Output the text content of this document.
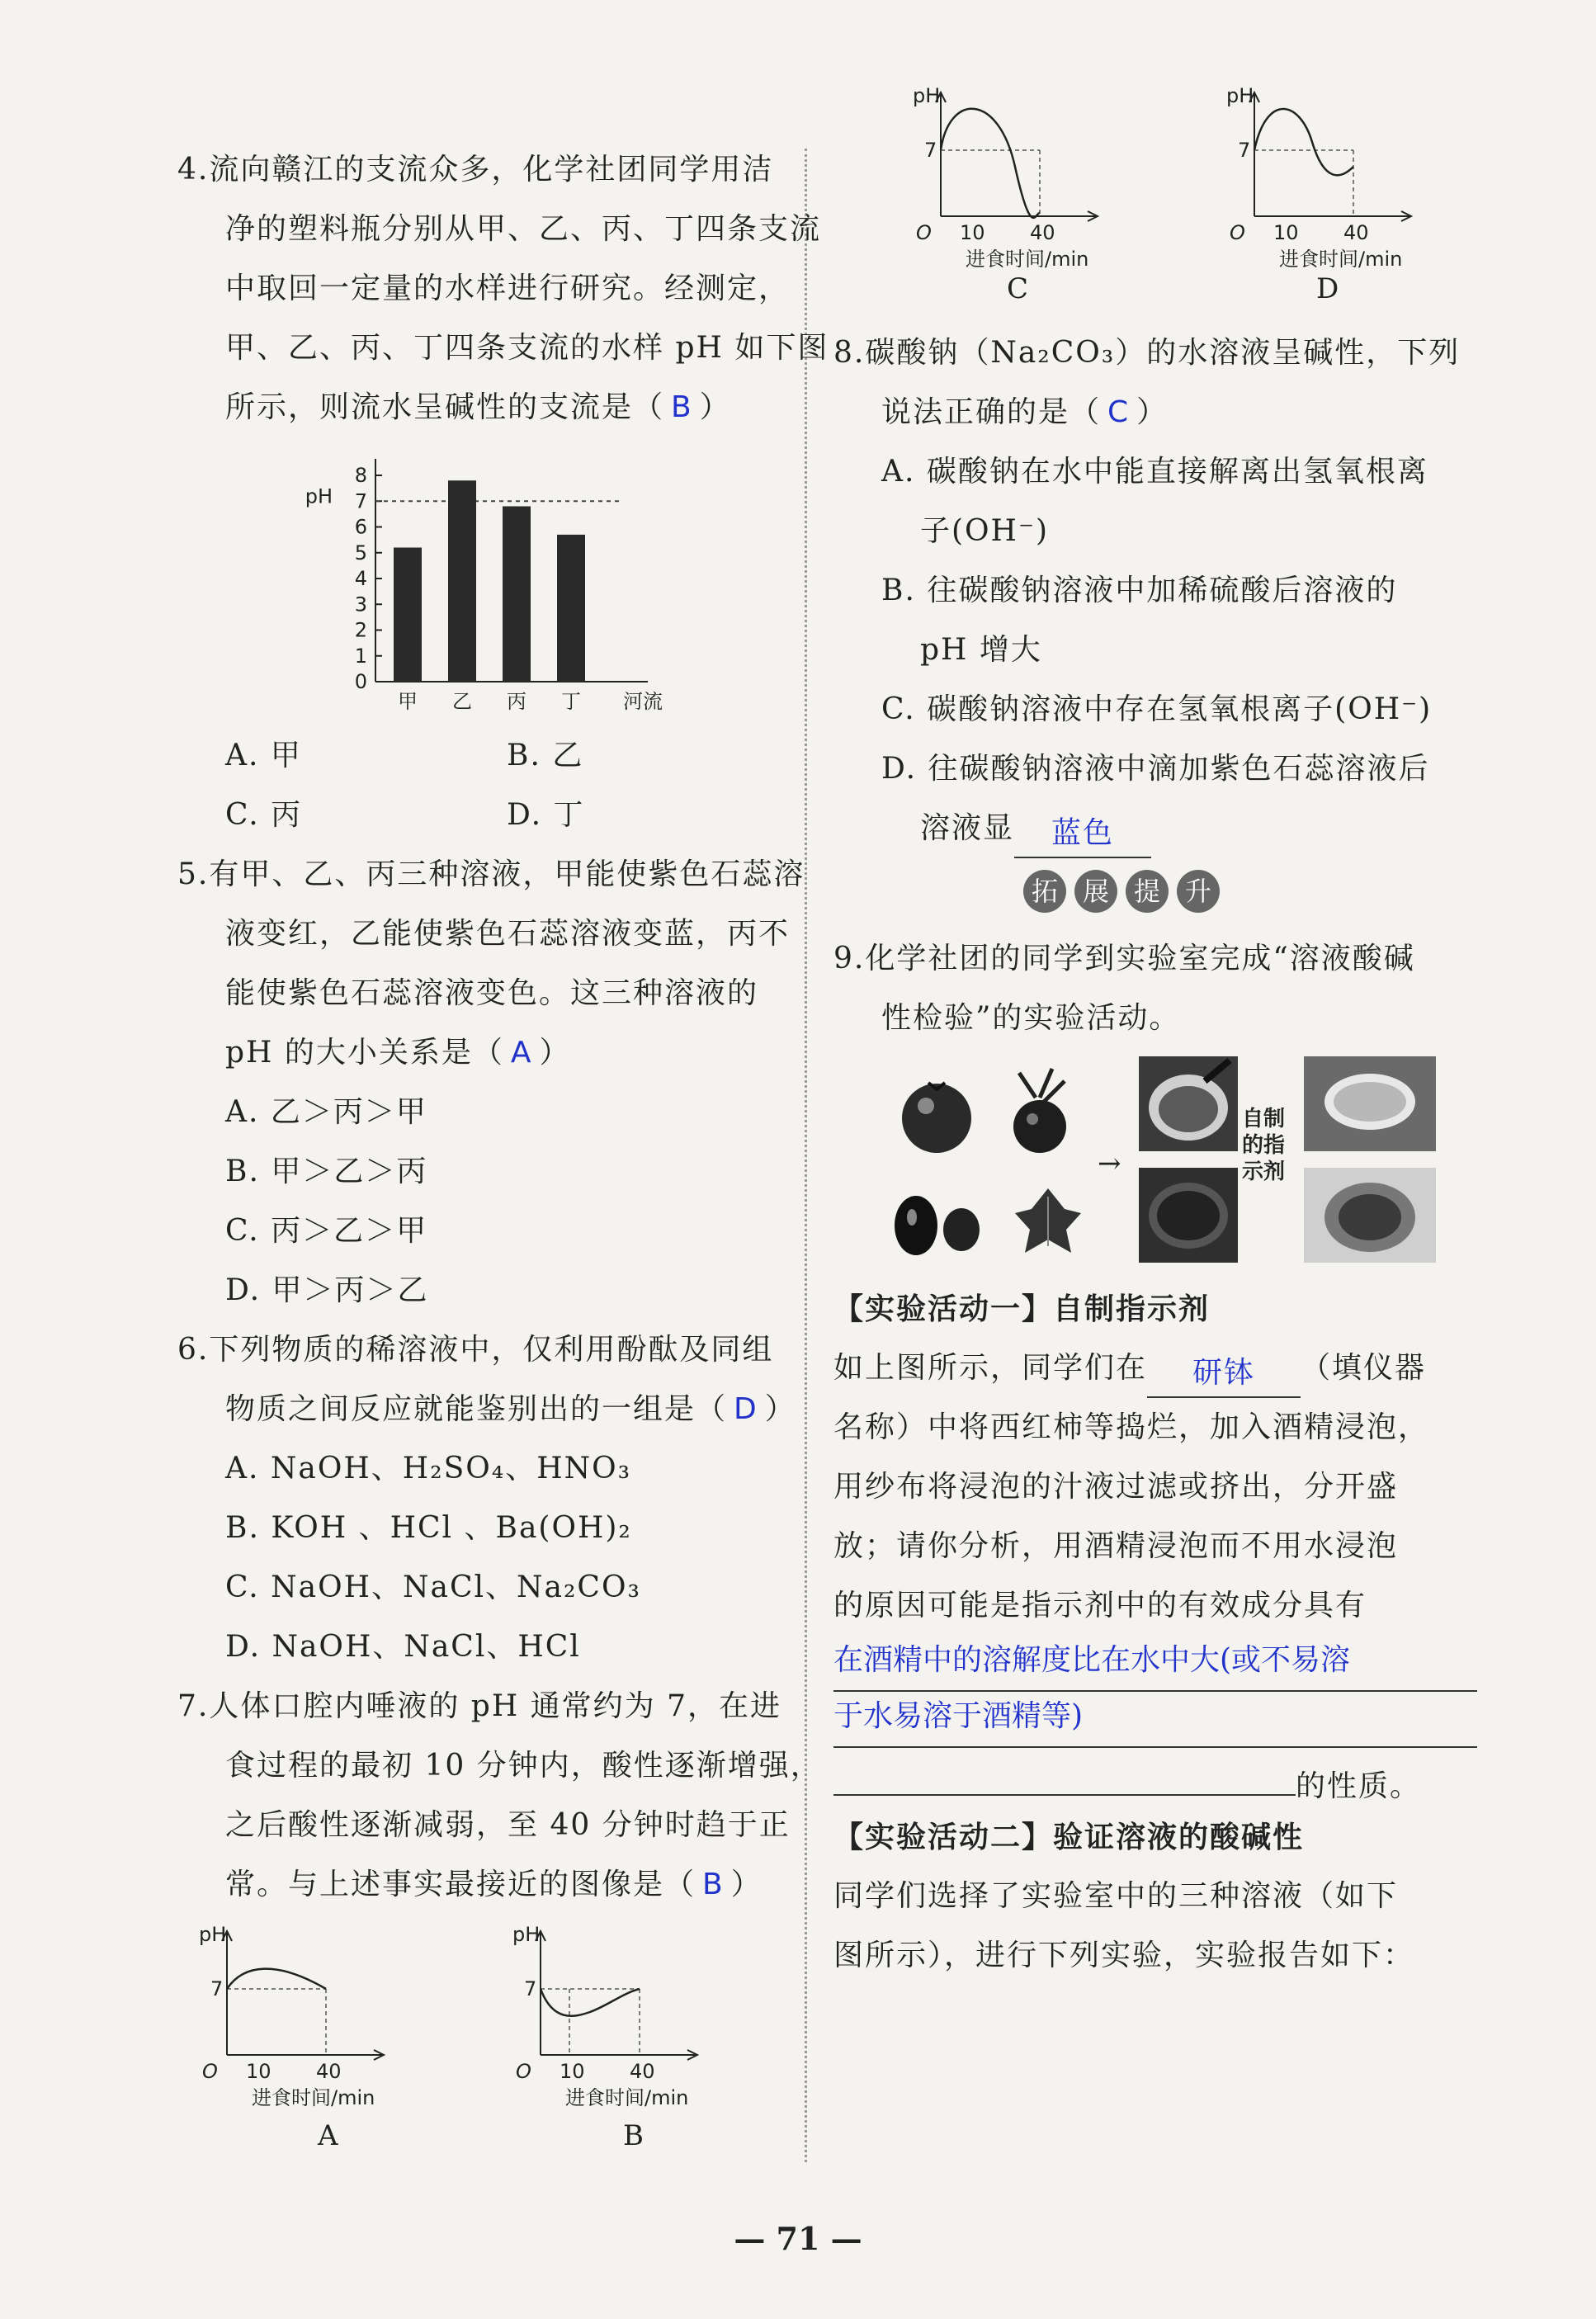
4.流向赣江的支流众多，化学社团同学用洁
净的塑料瓶分别从甲、乙、丙、丁四条支流
中取回一定量的水样进行研究。经测定，
甲、乙、丙、丁四条支流的水样 pH 如下图
所示，则流水呈碱性的支流是（ B ）
0
1
2
3
4
5
6
7
8
pH
甲 乙 丙 丁 河流
A. 甲	B. 乙
C. 丙	D. 丁
5.有甲、乙、丙三种溶液，甲能使紫色石蕊溶
液变红，乙能使紫色石蕊溶液变蓝，丙不
能使紫色石蕊溶液变色。这三种溶液的
pH 的大小关系是（ A ）
A. 乙＞丙＞甲
B. 甲＞乙＞丙
C. 丙＞乙＞甲
D. 甲＞丙＞乙
6.下列物质的稀溶液中，仅利用酚酞及同组
物质之间反应就能鉴别出的一组是（ D ）
A. NaOH、H₂SO₄、HNO₃
B. KOH 、HCl 、Ba(OH)₂
C. NaOH、NaCl、Na₂CO₃
D. NaOH、NaCl、HCl
7.人体口腔内唾液的 pH 通常约为 7，在进
食过程的最初 10 分钟内，酸性逐渐增强，
之后酸性逐渐减弱，至 40 分钟时趋于正
常。与上述事实最接近的图像是（ B ）
pH
7
O 10 40
进食时间/min
pH
7
O 10 40
进食时间/min
A	B
pH
7
O 10 40
进食时间/min
pH
7
O 10 40
进食时间/min
C	D
8.碳酸钠（Na₂CO₃）的水溶液呈碱性，下列
说法正确的是（ C ）
A. 碳酸钠在水中能直接解离出氢氧根离
子(OH⁻)
B. 往碳酸钠溶液中加稀硫酸后溶液的
pH 增大
C. 碳酸钠溶液中存在氢氧根离子(OH⁻)
D. 往碳酸钠溶液中滴加紫色石蕊溶液后
溶液显 蓝色
拓 展 提 升
9.化学社团的同学到实验室完成“溶液酸碱
性检验”的实验活动。
→
自制
的指
示剂
【实验活动一】自制指示剂
如上图所示，同学们在 研钵 （填仪器
名称）中将西红柿等捣烂，加入酒精浸泡，
用纱布将浸泡的汁液过滤或挤出，分开盛
放；请你分析，用酒精浸泡而不用水浸泡
的原因可能是指示剂中的有效成分具有
在酒精中的溶解度比在水中大(或不易溶
于水易溶于酒精等)
的性质。
【实验活动二】验证溶液的酸碱性
同学们选择了实验室中的三种溶液（如下
图所示），进行下列实验，实验报告如下：
— 71 —
